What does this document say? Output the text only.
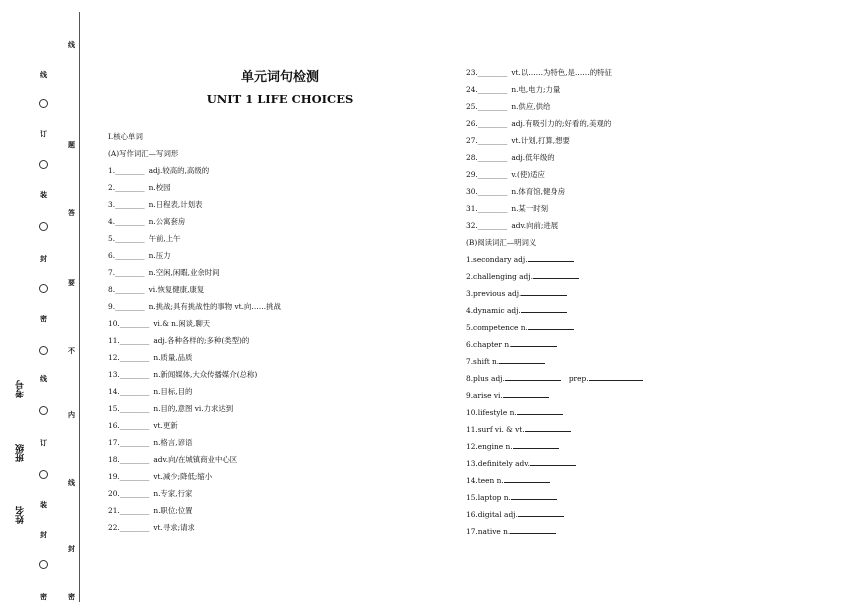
线
订
装
封
密
线
订
装
封
密
考号
班级
姓名
线
题
答
要
不
内
线
封
密
单元词句检测
UNIT 1 LIFE CHOICES
Ⅰ.核心单词
(A)写作词汇—写词形
1.________ adj.较高的,高级的
2.________ n.校园
3.________ n.日程表,计划表
4.________ n.公寓套房
5.________ 午前,上午
6.________ n.压力
7.________ n.空闲,闲暇,业余时间
8.________ vi.恢复健康,康复
9.________ n.挑战;具有挑战性的事物 vt.向……挑战
10.________ vi.& n.闲谈,聊天
11.________ adj.各种各样的;多种(类型)的
12.________ n.质量,品质
13.________ n.新闻媒体,大众传播媒介(总称)
14.________ n.目标,目的
15.________ n.目的,意图 vi.力求达到
16.________ vt.更新
17.________ n.格言,谚语
18.________ adv.向/在城镇商业中心区
19.________ vt.减少;降低;缩小
20.________ n.专家,行家
21.________ n.职位;位置
22.________ vt.寻求;请求
23.________ vt.以……为特色,是……的特征
24.________ n.电,电力;力量
25.________ n.供应,供给
26.________ adj.有吸引力的;好看的,美观的
27.________ vt.计划,打算,想要
28.________ adj.低年级的
29.________ v.(使)适应
30.________ n.体育馆,健身房
31.________ n.某一时刻
32.________ adv.向前;进展
(B)阅读词汇—明词义
1.secondary adj.
2.challenging adj.
3.previous adj.
4.dynamic adj.
5.competence n.
6.chapter n.
7.shift n.
8.plus adj.	prep.
9.arise vi.
10.lifestyle n.
11.surf vi. & vt.
12.engine n.
13.definitely adv.
14.teen n.
15.laptop n.
16.digital adj.
17.native n.
